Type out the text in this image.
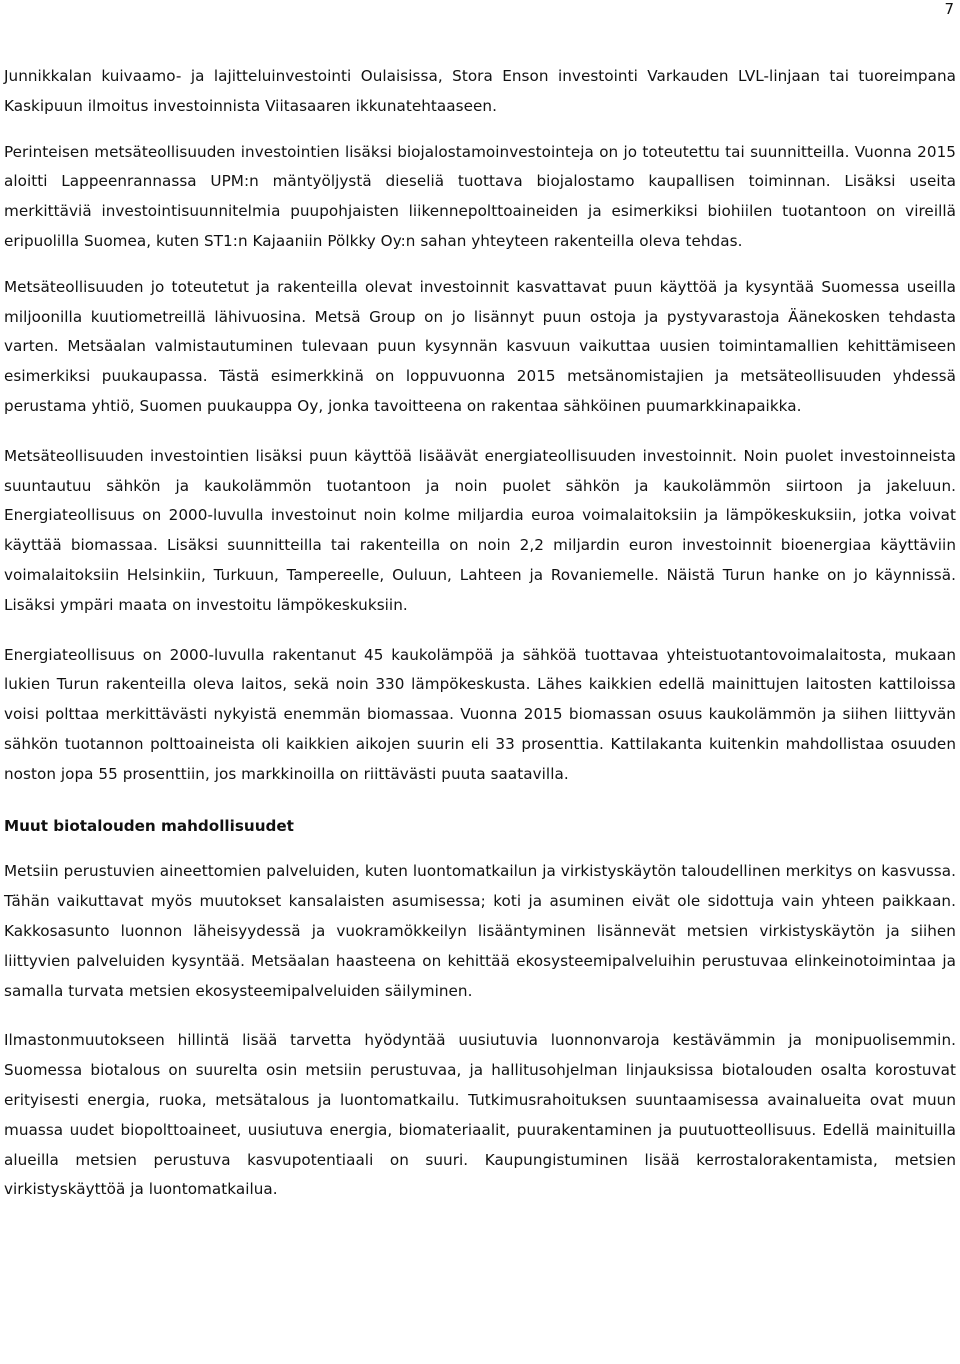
7

Junnikkalan kuivaamo- ja lajitteluinvestointi Oulaisissa, Stora Enson investointi Varkauden LVL-linjaan tai tuoreimpana Kaskipuun ilmoitus investoinnista Viitasaaren ikkunatehtaaseen.

Perinteisen metsäteollisuuden investointien lisäksi biojalostamoinvestointeja on jo toteutettu tai suunnitteilla. Vuonna 2015 aloitti Lappeenrannassa UPM:n mäntyöljystä dieseliä tuottava biojalostamo kaupallisen toiminnan. Lisäksi useita merkittäviä investointisuunnitelmia puupohjaisten liikennepolttoaineiden ja esimerkiksi biohiilen tuotantoon on vireillä eripuolilla Suomea, kuten ST1:n Kajaaniin Pölkky Oy:n sahan yhteyteen rakenteilla oleva tehdas.

Metsäteollisuuden jo toteutetut ja rakenteilla olevat investoinnit kasvattavat puun käyttöä ja kysyntää Suomessa useilla miljoonilla kuutiometreillä lähivuosina. Metsä Group on jo lisännyt puun ostoja ja pystyvarastoja Äänekosken tehdasta varten. Metsäalan valmistautuminen tulevaan puun kysynnän kasvuun vaikuttaa uusien toimintamallien kehittämiseen esimerkiksi puukaupassa. Tästä esimerkkinä on loppuvuonna 2015 metsänomistajien ja metsäteollisuuden yhdessä perustama yhtiö, Suomen puukauppa Oy, jonka tavoitteena on rakentaa sähköinen puumarkkinapaikka.

Metsäteollisuuden investointien lisäksi puun käyttöä lisäävät energiateollisuuden investoinnit. Noin puolet investoinneista suuntautuu sähkön ja kaukolämmön tuotantoon ja noin puolet sähkön ja kaukolämmön siirtoon ja jakeluun. Energiateollisuus on 2000-luvulla investoinut noin kolme miljardia euroa voimalaitoksiin ja lämpökeskuksiin, jotka voivat käyttää biomassaa. Lisäksi suunnitteilla tai rakenteilla on noin 2,2 miljardin euron investoinnit bioenergiaa käyttäviin voimalaitoksiin Helsinkiin, Turkuun, Tampereelle, Ouluun, Lahteen ja Rovaniemelle. Näistä Turun hanke on jo käynnissä. Lisäksi ympäri maata on investoitu lämpökeskuksiin.

Energiateollisuus on 2000-luvulla rakentanut 45 kaukolämpöä ja sähköä tuottavaa yhteistuotantovoimalaitosta, mukaan lukien Turun rakenteilla oleva laitos, sekä noin 330 lämpökeskusta. Lähes kaikkien edellä mainittujen laitosten kattiloissa voisi polttaa merkittävästi nykyistä enemmän biomassaa. Vuonna 2015 biomassan osuus kaukolämmön ja siihen liittyvän sähkön tuotannon polttoaineista oli kaikkien aikojen suurin eli 33 prosenttia. Kattilakanta kuitenkin mahdollistaa osuuden noston jopa 55 prosenttiin, jos markkinoilla on riittävästi puuta saatavilla.

Muut biotalouden mahdollisuudet

Metsiin perustuvien aineettomien palveluiden, kuten luontomatkailun ja virkistyskäytön taloudellinen merkitys on kasvussa. Tähän vaikuttavat myös muutokset kansalaisten asumisessa; koti ja asuminen eivät ole sidottuja vain yhteen paikkaan. Kakkosasunto luonnon läheisyydessä ja vuokramökkeilyn lisääntyminen lisännevät metsien virkistyskäytön ja siihen liittyvien palveluiden kysyntää. Metsäalan haasteena on kehittää ekosysteemipalveluihin perustuvaa elinkeinotoimintaa ja samalla turvata metsien ekosysteemipalveluiden säilyminen.

Ilmastonmuutokseen hillintä lisää tarvetta hyödyntää uusiutuvia luonnonvaroja kestävämmin ja monipuolisemmin. Suomessa biotalous on suurelta osin metsiin perustuvaa, ja hallitusohjelman linjauksissa biotalouden osalta korostuvat erityisesti energia, ruoka, metsätalous ja luontomatkailu. Tutkimusrahoituksen suuntaamisessa avainalueita ovat muun muassa uudet biopolttoaineet, uusiutuva energia, biomateriaalit, puurakentaminen ja puutuotteollisuus. Edellä mainituilla alueilla metsien perustuva kasvupotentiaali on suuri. Kaupungistuminen lisää kerrostalorakentamista, metsien virkistyskäyttöä ja luontomatkailua.
